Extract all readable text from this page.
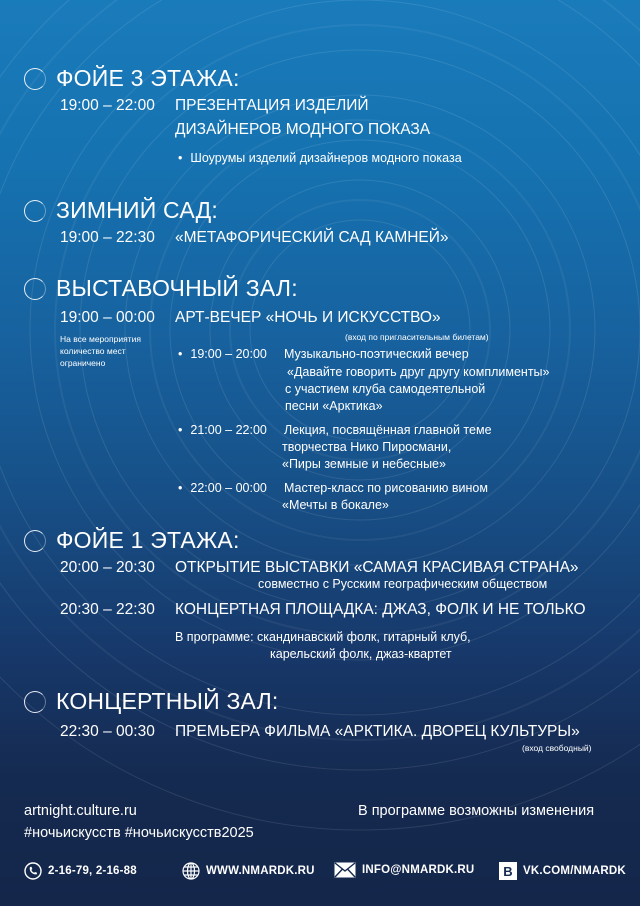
ФОЙЕ 3 ЭТАЖА:
19:00 – 22:00 ПРЕЗЕНТАЦИЯ ИЗДЕЛИЙ
ДИЗАЙНЕРОВ МОДНОГО ПОКАЗА
• Шоурумы изделий дизайнеров модного показа
ЗИМНИЙ САД:
19:00 – 22:30 «МЕТАФОРИЧЕСКИЙ САД КАМНЕЙ»
ВЫСТАВОЧНЫЙ ЗАЛ:
19:00 – 00:00 АРТ-ВЕЧЕР «НОЧЬ И ИСКУССТВО»
(вход по пригласительным билетам)
На все мероприятия
количество мест
ограничено
• 19:00 – 20:00 Музыкально-поэтический вечер
«Давайте говорить друг другу комплименты»
с участием клуба самодеятельной
песни «Арктика»
• 21:00 – 22:00 Лекция, посвящённая главной теме
творчества Нико Пиросмани,
«Пиры земные и небесные»
• 22:00 – 00:00 Мастер-класс по рисованию вином
«Мечты в бокале»
ФОЙЕ 1 ЭТАЖА:
20:00 – 20:30 ОТКРЫТИЕ ВЫСТАВКИ «САМАЯ КРАСИВАЯ СТРАНА»
совместно с Русским географическим обществом
20:30 – 22:30 КОНЦЕРТНАЯ ПЛОЩАДКА: ДЖАЗ, ФОЛК И НЕ ТОЛЬКО
В программе: скандинавский фолк, гитарный клуб,
карельский фолк, джаз-квартет
КОНЦЕРТНЫЙ ЗАЛ:
22:30 – 00:30 ПРЕМЬЕРА ФИЛЬМА «АРКТИКА. ДВОРЕЦ КУЛЬТУРЫ»
(вход свободный)
artnight.culture.ru
#ночьискусств #ночьискусств2025
В программе возможны изменения
2-16-79, 2-16-88	WWW.NMARDK.RU	INFO@NMARDK.RU B VK.COM/NMARDK
